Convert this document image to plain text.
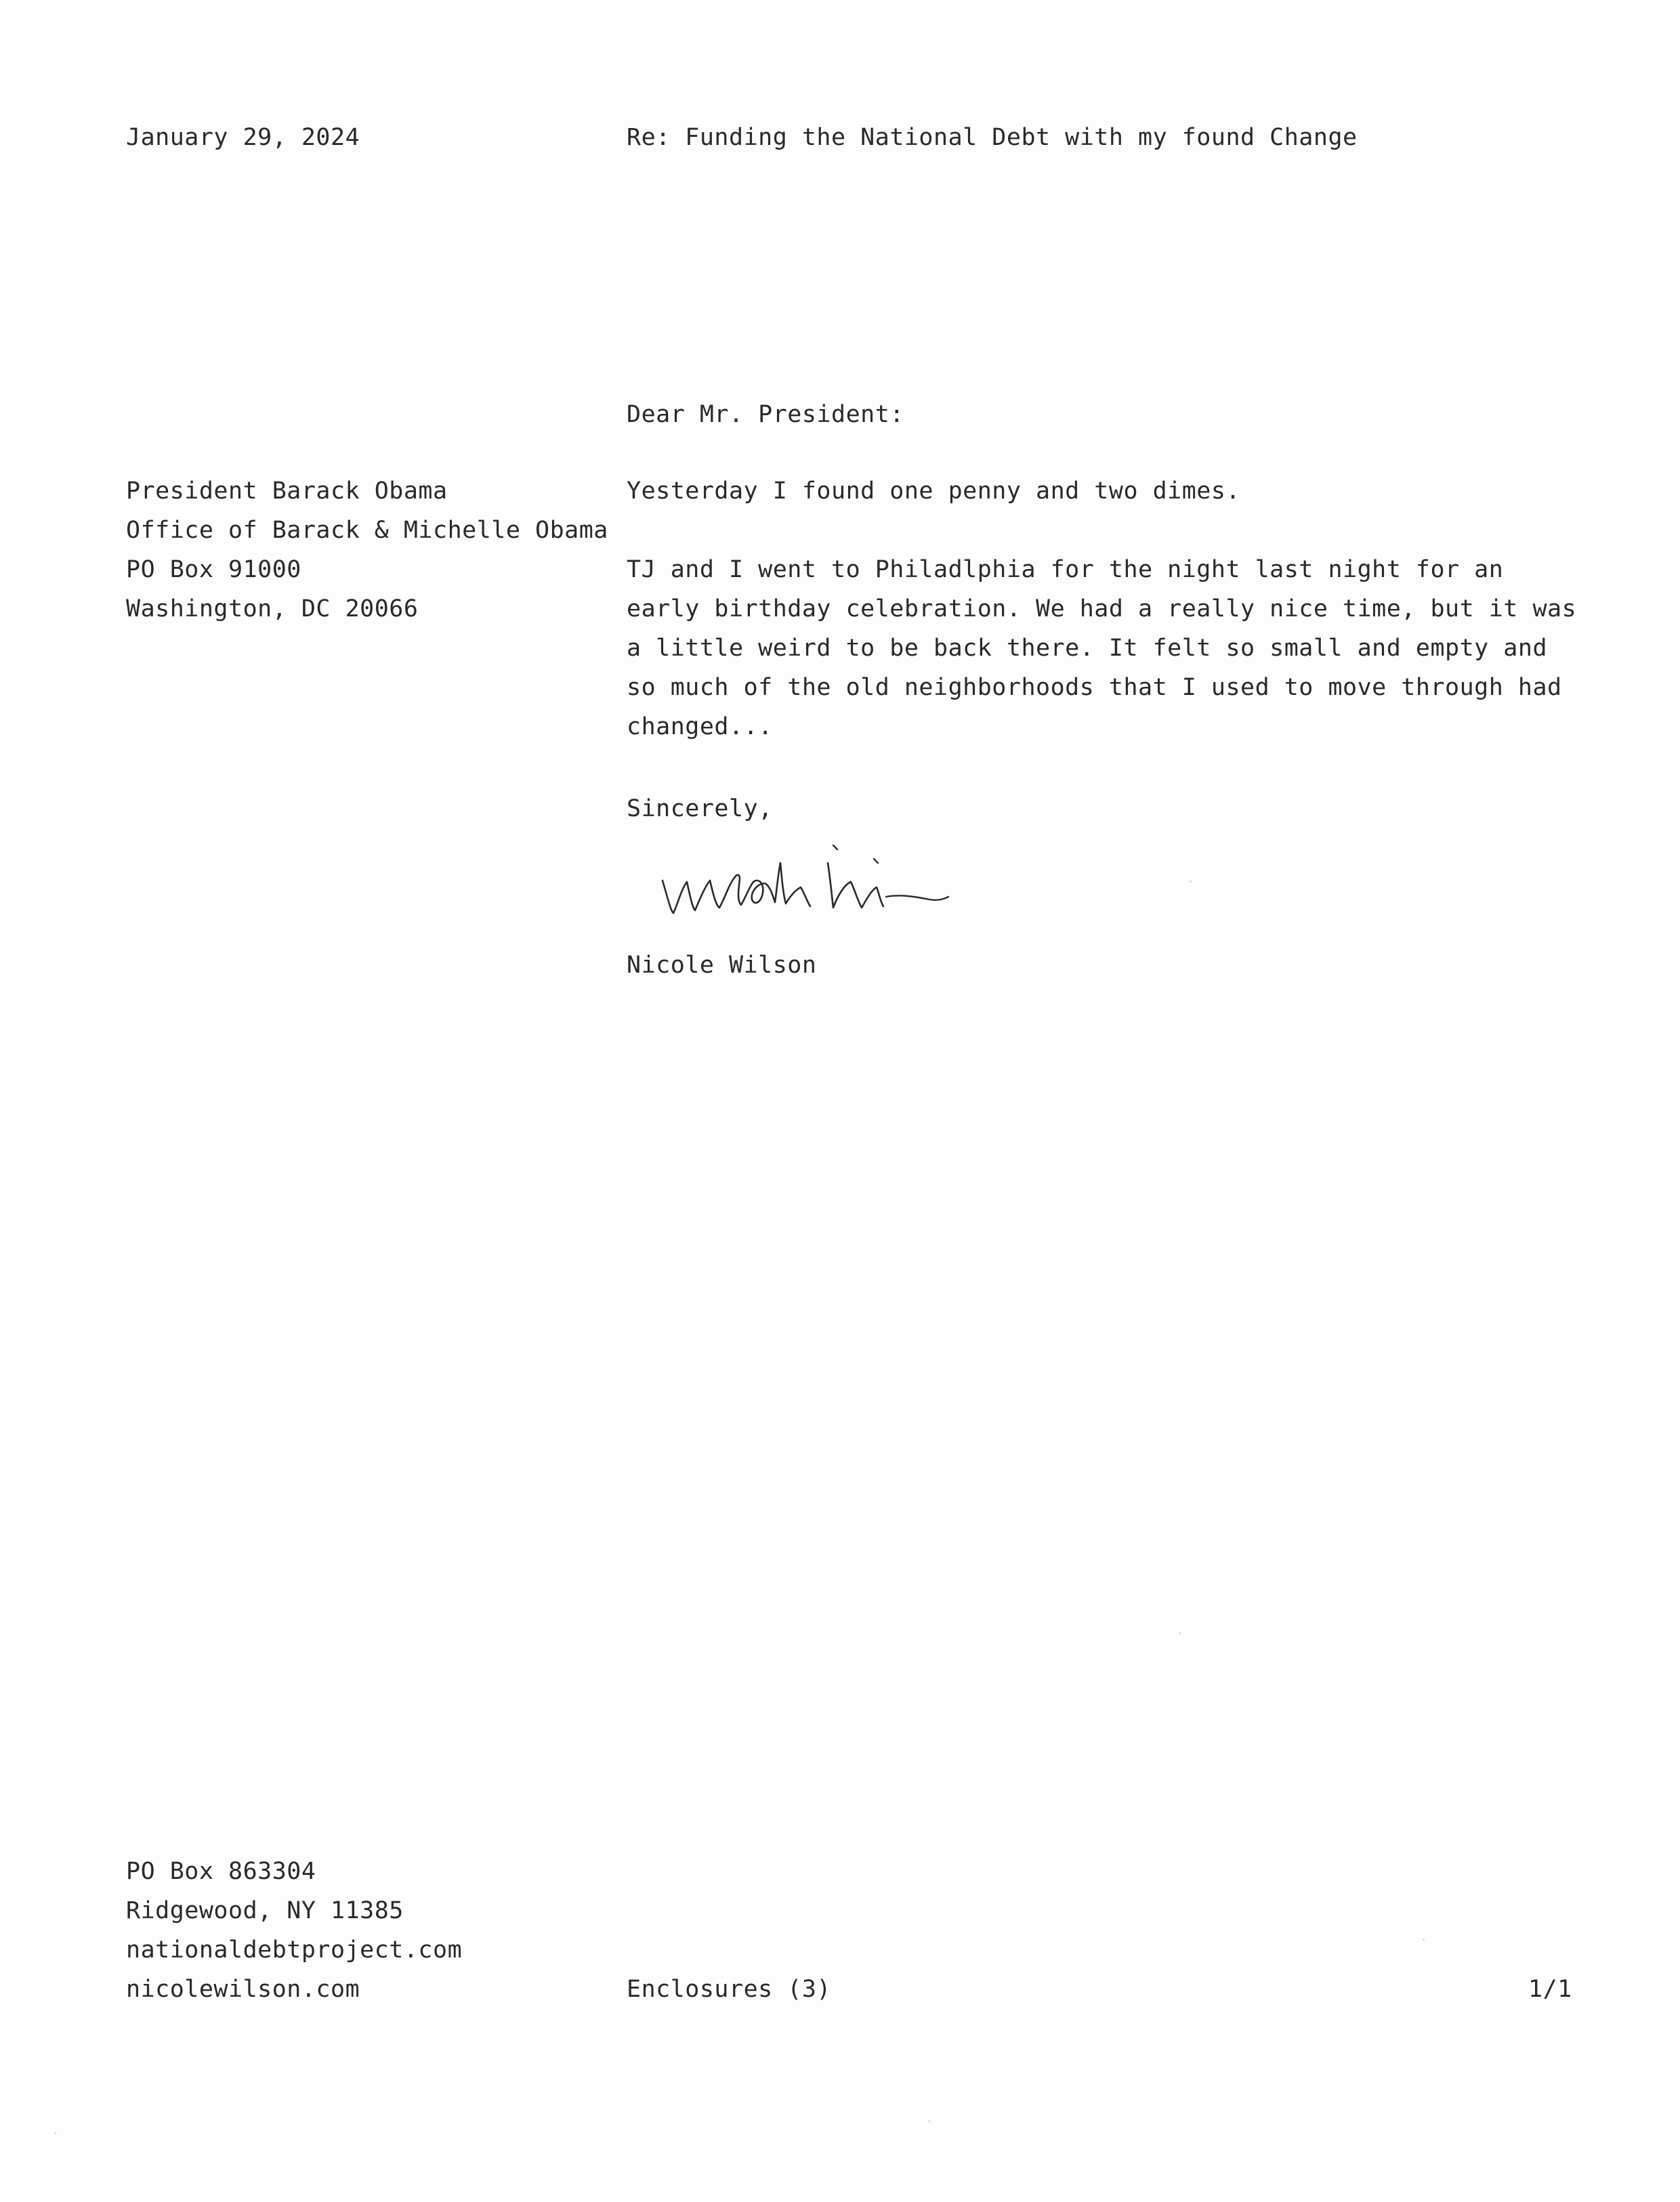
January 29, 2024	Re: Funding the National Debt with my found Change
Dear Mr. President:
President Barack Obama
Office of Barack & Michelle Obama
PO Box 91000
Washington, DC 20066
Yesterday I found one penny and two dimes.
TJ and I went to Philadlphia for the night last night for an
early birthday celebration. We had a really nice time, but it was
a little weird to be back there. It felt so small and empty and
so much of the old neighborhoods that I used to move through had
changed...
Sincerely,
Nicole Wilson
PO Box 863304
Ridgewood, NY 11385
nationaldebtproject.com
nicolewilson.com	Enclosures (3)	1/1
